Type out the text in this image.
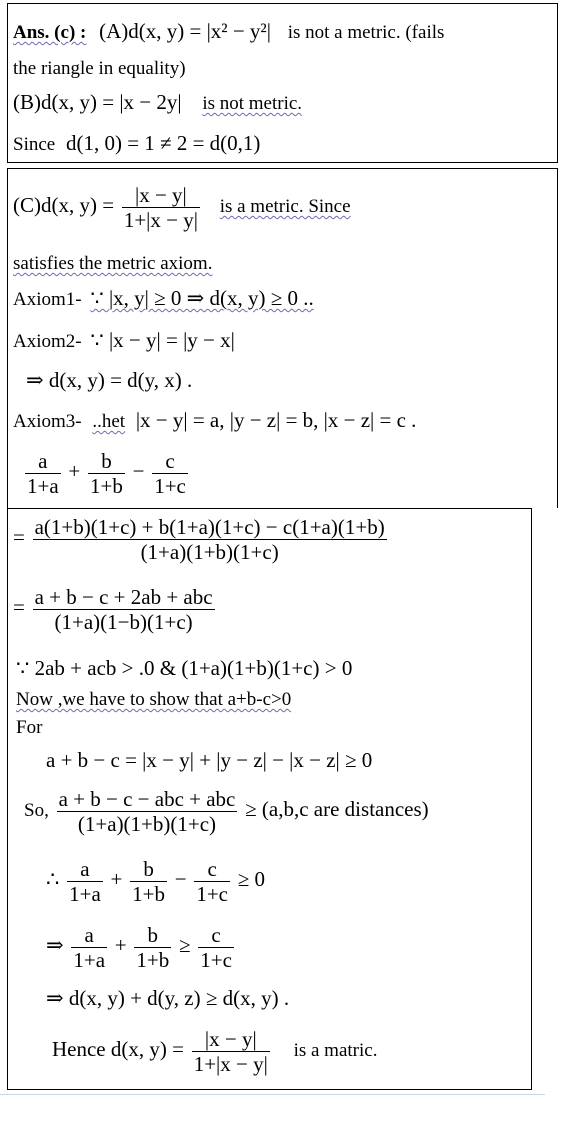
Ans. (c) : (A)d(x, y) = |x² − y²| is not a metric. (fails
the riangle in equality)
(B)d(x, y) = |x − 2y| is not metric.
Since d(1, 0) = 1 ≠ 2 = d(0,1)
(C)d(x, $y) = \frac{|x - y|}{1+|x - y|}$ is a metric. Since
satisfies the metric axiom.
Axiom1- ∵ |x, y| ≥ 0 ⇒ d(x, y) ≥ 0 ..
Axiom2- ∵ |x − y| = |y − x|
⇒ d(x, y) = d(y, x) .
Axiom3- ..het |x − y| = a, |y − z| = b, |x − z| = c .
$\frac{a}{1+a} + \frac{b}{1+b} - \frac{c}{1+c}$
= $\frac{a(1+b)(1+c) + b(1+a)(1+c) - c(1+a)(1+b)}{(1+a)(1+b)(1+c)}$
= $\frac{\text{a + b − c + 2ab + abc}}{(1+a)(1-b)(1+c)}$
∵ 2ab + acb > .0 & (1+a)(1+b)(1+c) > 0
Now ,we have to show that a+b-c>0
For
a + b − c = |x − y| + |y − z| − |x − z| ≥ 0
So, $\frac{\text{a + b − c − abc + abc}}{(1+a)(1+b)(1+c)} \ge (a,b,c$ are distances)
∴ $\frac{a}{1+a} + \frac{b}{1+b} - \frac{c}{1+c} \ge 0$
⇒ $\frac{a}{1+a} + \frac{b}{1+b} \ge \frac{c}{1+c}$
⇒ d(x, y) + d(y, z) ≥ d(x, y) .
Hence d(x, $y) = \frac{|x - y|}{1+|x - y|}$ is a matric.
